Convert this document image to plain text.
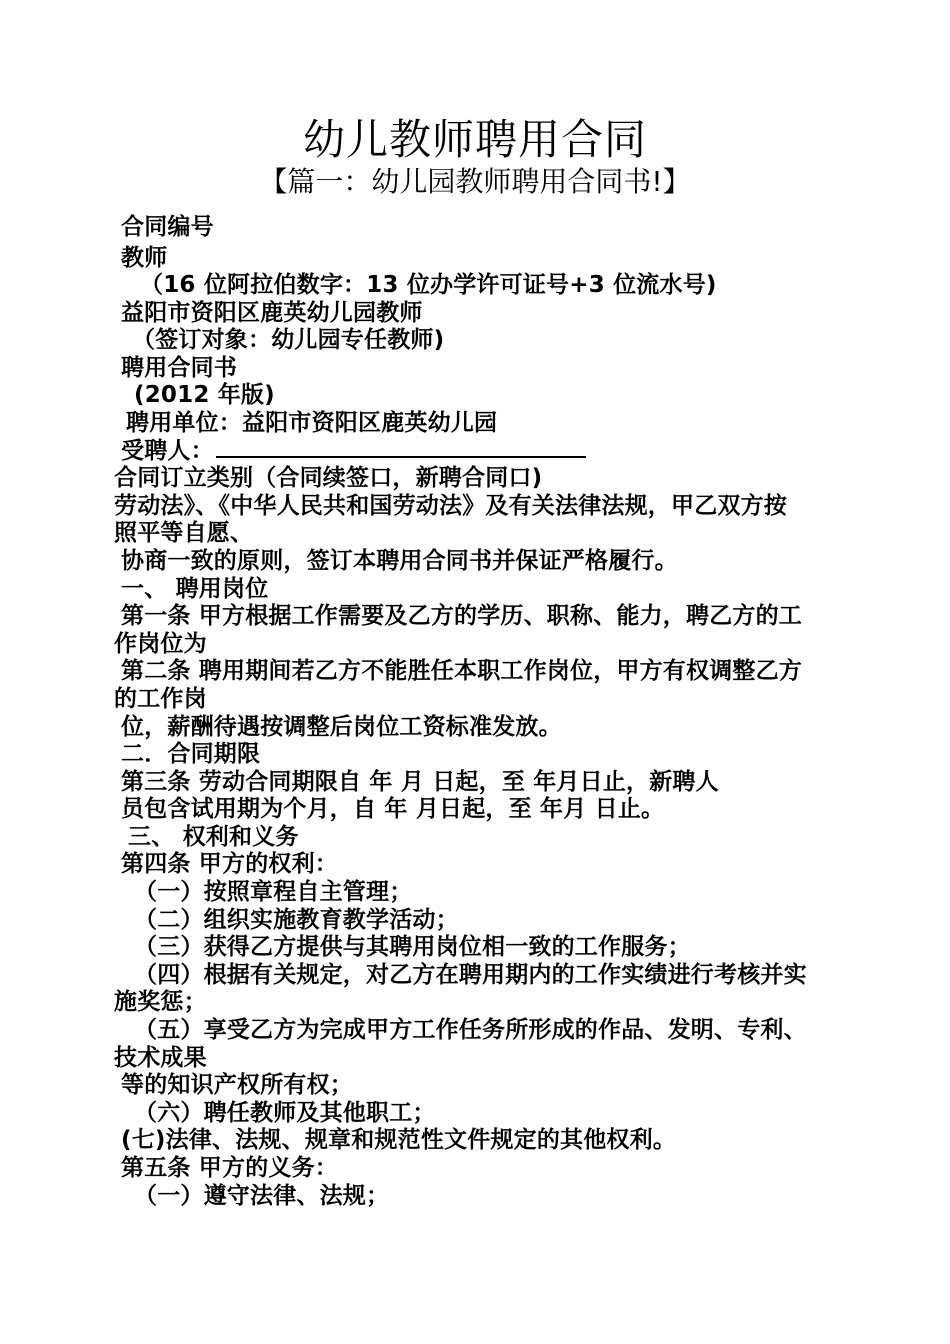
幼儿教师聘用合同
【篇一：幼儿园教师聘用合同书!】
合同编号
教师
（16 位阿拉伯数字：13 位办学许可证号+3 位流水号)
益阳市资阳区鹿英幼儿园教师
（签订对象：幼儿园专任教师)
聘用合同书
(2012 年版)
聘用单位：益阳市资阳区鹿英幼儿园
受聘人：
合同订立类别（合同续签口，新聘合同口)
劳动法》、《中华人民共和国劳动法》及有关法律法规，甲乙双方按
照平等自愿、
协商一致的原则，签订本聘用合同书并保证严格履行。
一、 聘用岗位
第一条 甲方根据工作需要及乙方的学历、职称、能力，聘乙方的工
作岗位为
第二条 聘用期间若乙方不能胜任本职工作岗位，甲方有权调整乙方
的工作岗
位，薪酬待遇按调整后岗位工资标准发放。
二．合同期限
第三条 劳动合同期限自 年 月 日起，至 年月日止，新聘人
员包含试用期为个月，自 年 月日起，至 年月 日止。
三、 权利和义务
第四条 甲方的权利：
（一）按照章程自主管理；
（二）组织实施教育教学活动；
（三）获得乙方提供与其聘用岗位相一致的工作服务；
（四）根据有关规定，对乙方在聘用期内的工作实绩进行考核并实
施奖惩；
（五）享受乙方为完成甲方工作任务所形成的作品、发明、专利、
技术成果
等的知识产权所有权；
（六）聘任教师及其他职工；
(七)法律、法规、规章和规范性文件规定的其他权利。
第五条 甲方的义务：
（一）遵守法律、法规；
